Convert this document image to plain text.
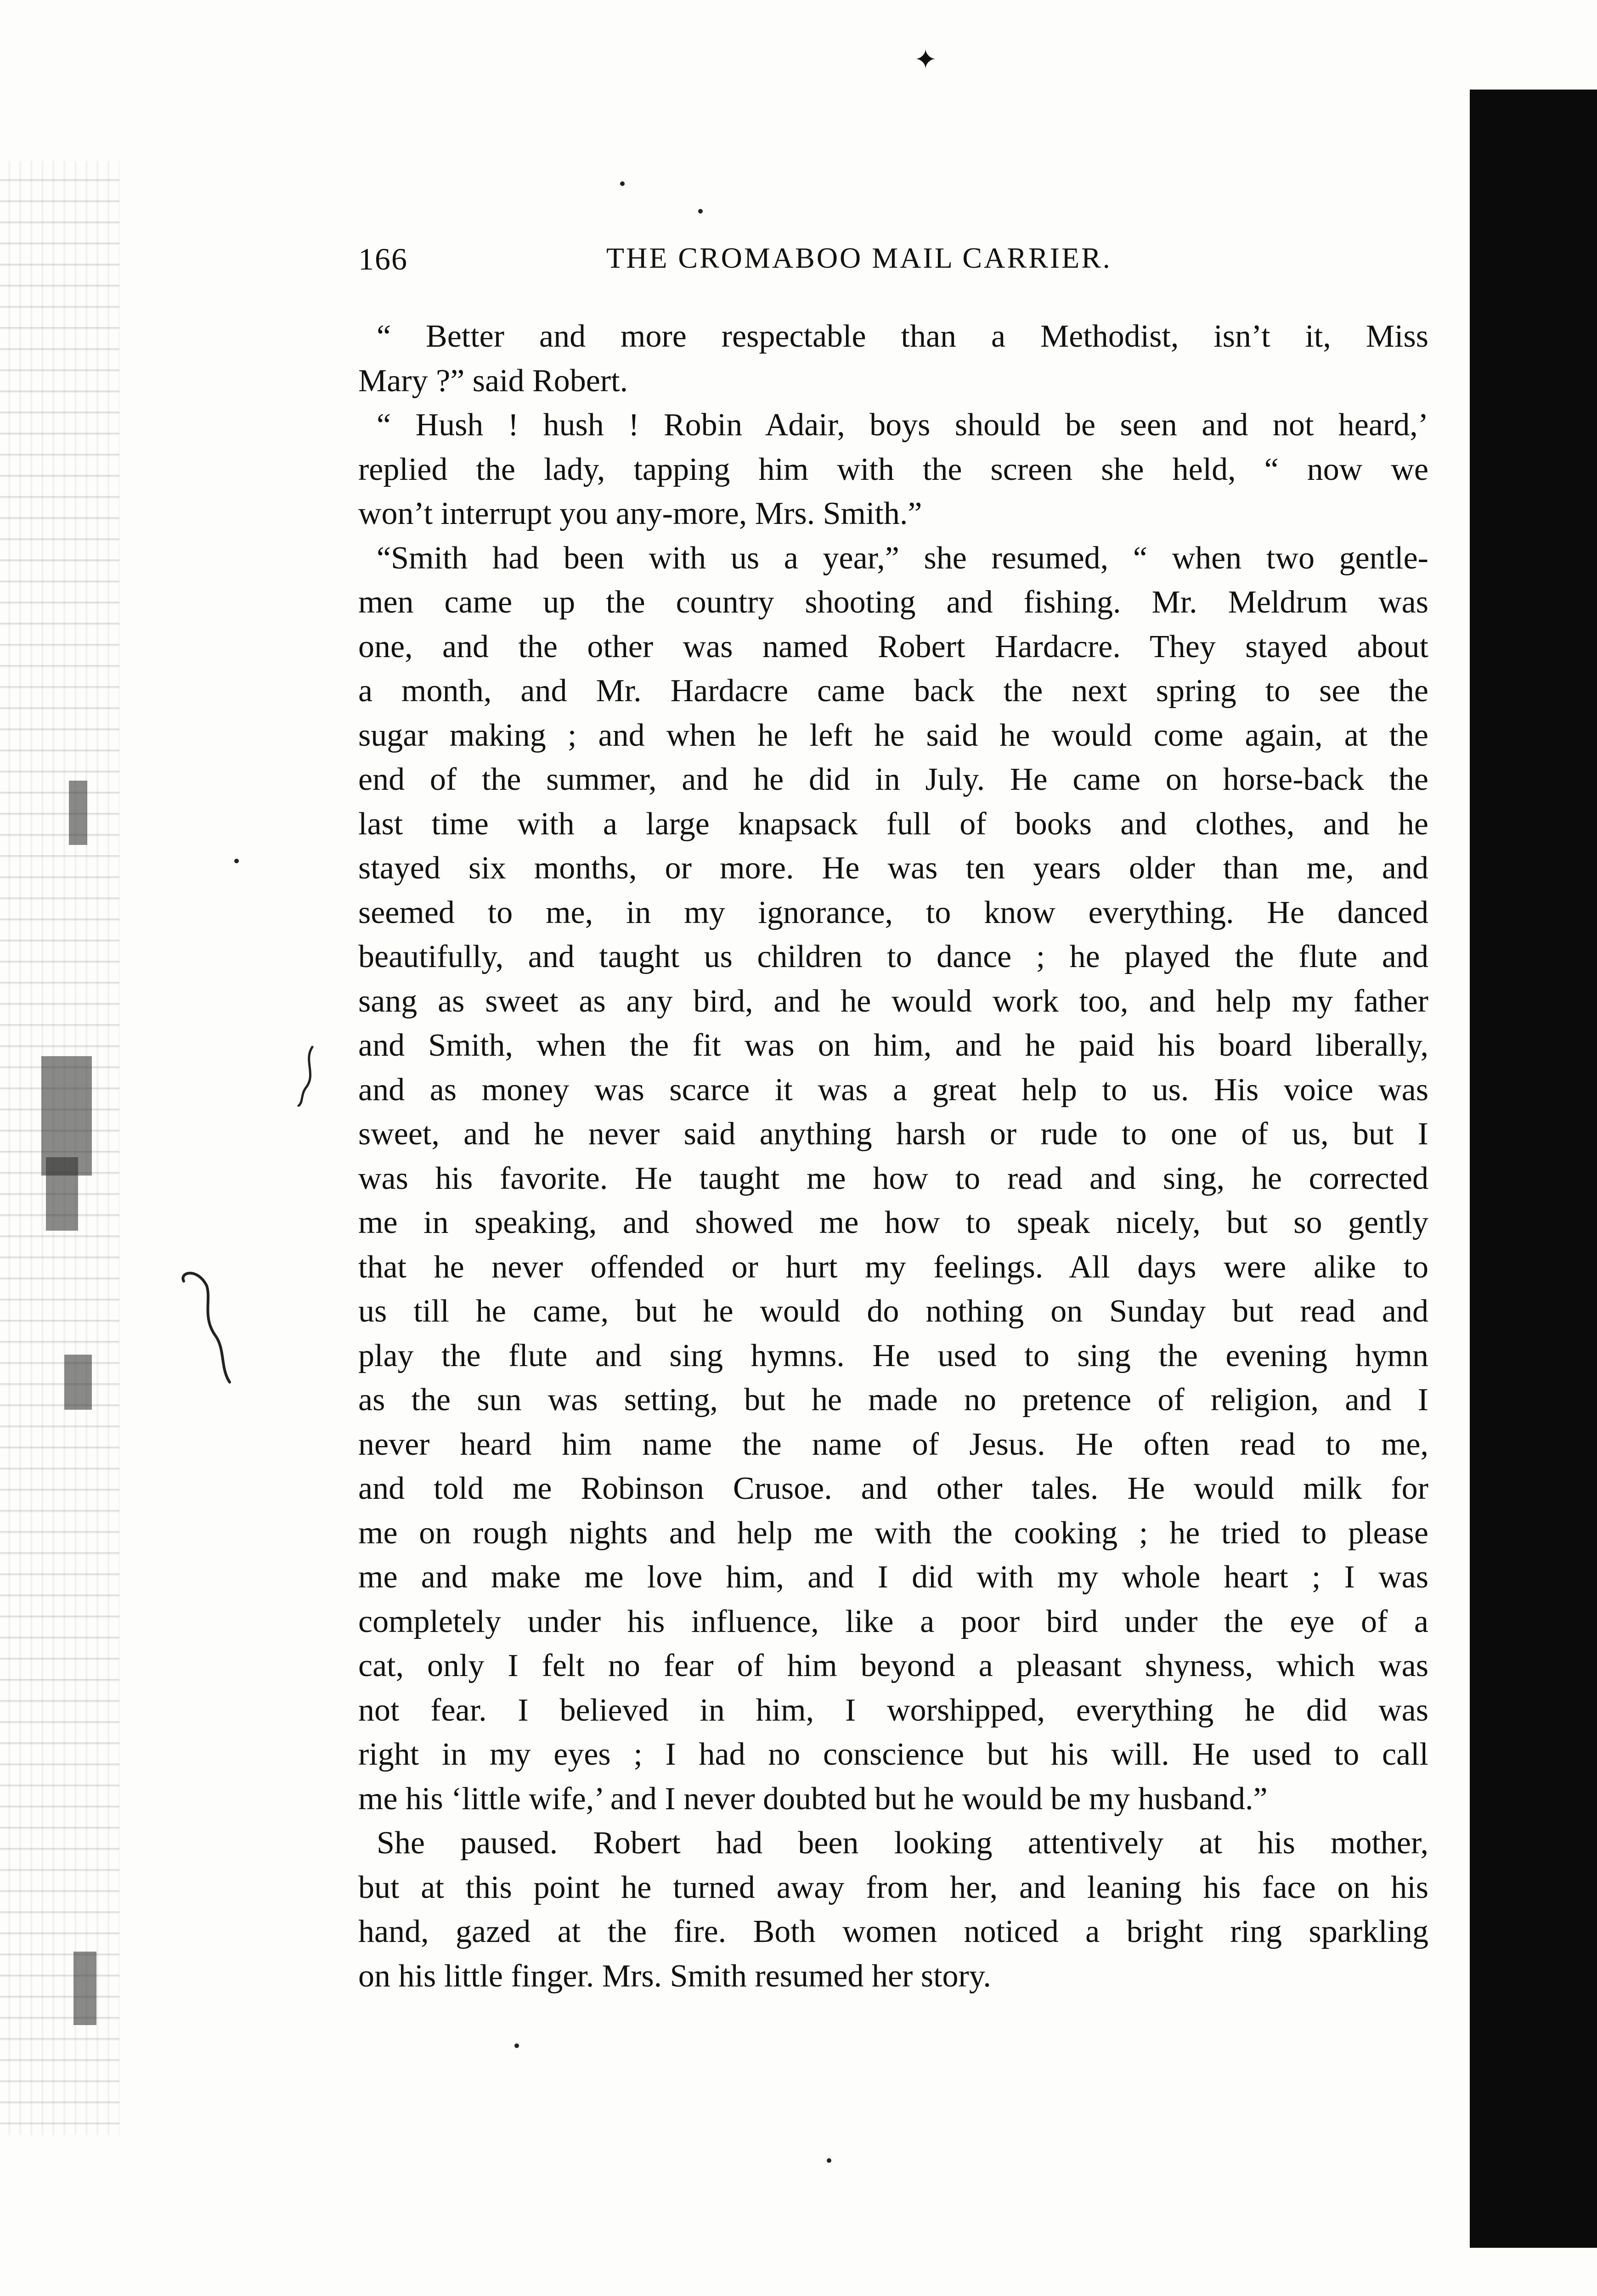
✦
166	THE CROMABOO MAIL CARRIER.
“ Better and more respectable than a Methodist, isn’t it, Miss
Mary ?” said Robert.
“ Hush ! hush ! Robin Adair, boys should be seen and not heard,’
replied the lady, tapping him with the screen she held, “ now we
won’t interrupt you any-more, Mrs. Smith.”
“Smith had been with us a year,” she resumed, “ when two gentle-
men came up the country shooting and fishing. Mr. Meldrum was
one, and the other was named Robert Hardacre. They stayed about
a month, and Mr. Hardacre came back the next spring to see the
sugar making ; and when he left he said he would come again, at the
end of the summer, and he did in July. He came on horse-back the
last time with a large knapsack full of books and clothes, and he
stayed six months, or more. He was ten years older than me, and
seemed to me, in my ignorance, to know everything. He danced
beautifully, and taught us children to dance ; he played the flute and
sang as sweet as any bird, and he would work too, and help my father
and Smith, when the fit was on him, and he paid his board liberally,
and as money was scarce it was a great help to us. His voice was
sweet, and he never said anything harsh or rude to one of us, but I
was his favorite. He taught me how to read and sing, he corrected
me in speaking, and showed me how to speak nicely, but so gently
that he never offended or hurt my feelings. All days were alike to
us till he came, but he would do nothing on Sunday but read and
play the flute and sing hymns. He used to sing the evening hymn
as the sun was setting, but he made no pretence of religion, and I
never heard him name the name of Jesus. He often read to me,
and told me Robinson Crusoe. and other tales. He would milk for
me on rough nights and help me with the cooking ; he tried to please
me and make me love him, and I did with my whole heart ; I was
completely under his influence, like a poor bird under the eye of a
cat, only I felt no fear of him beyond a pleasant shyness, which was
not fear. I believed in him, I worshipped, everything he did was
right in my eyes ; I had no conscience but his will. He used to call
me his ‘little wife,’ and I never doubted but he would be my husband.”
She paused. Robert had been looking attentively at his mother,
but at this point he turned away from her, and leaning his face on his
hand, gazed at the fire. Both women noticed a bright ring sparkling
on his little finger. Mrs. Smith resumed her story.
